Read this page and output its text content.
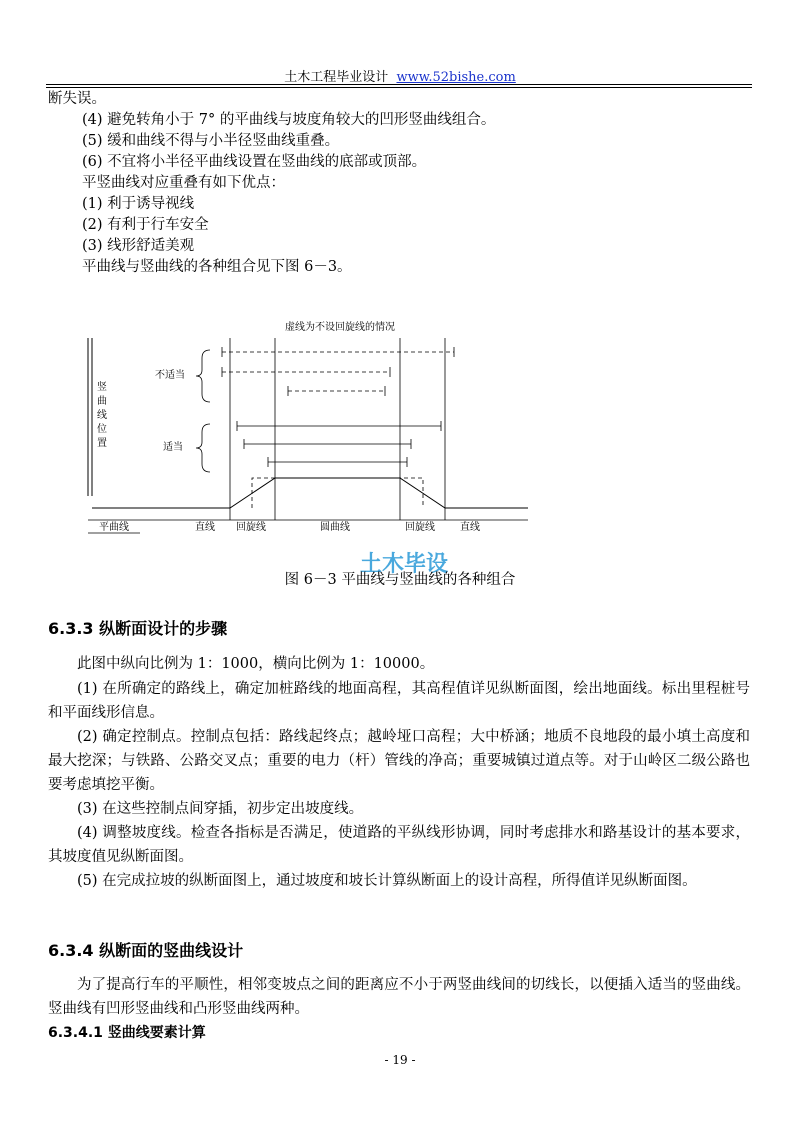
土木工程毕业设计 www.52bishe.com
断失误。
(4) 避免转角小于 7° 的平曲线与坡度角较大的凹形竖曲线组合。
(5) 缓和曲线不得与小半径竖曲线重叠。
(6) 不宜将小半径平曲线设置在竖曲线的底部或顶部。
平竖曲线对应重叠有如下优点：
(1) 利于诱导视线
(2) 有利于行车安全
(3) 线形舒适美观
平曲线与竖曲线的各种组合见下图 6－3。
虚线为不设回旋线的情况
竖
曲
线
位
置
不适当
适当
平曲线	直线 回旋线	圆曲线	回旋线	直线
土木毕设
图 6－3 平曲线与竖曲线的各种组合
6.3.3 纵断面设计的步骤
此图中纵向比例为 1：1000，横向比例为 1：10000。
(1) 在所确定的路线上，确定加桩路线的地面高程，其高程值详见纵断面图，绘出地面线。标出里程桩号和平面线形信息。
(2) 确定控制点。控制点包括：路线起终点；越岭垭口高程；大中桥涵；地质不良地段的最小填土高度和最大挖深；与铁路、公路交叉点；重要的电力（杆）管线的净高；重要城镇过道点等。对于山岭区二级公路也要考虑填挖平衡。
(3) 在这些控制点间穿插，初步定出坡度线。
(4) 调整坡度线。检查各指标是否满足，使道路的平纵线形协调，同时考虑排水和路基设计的基本要求，其坡度值见纵断面图。
(5) 在完成拉坡的纵断面图上，通过坡度和坡长计算纵断面上的设计高程，所得值详见纵断面图。
6.3.4 纵断面的竖曲线设计
为了提高行车的平顺性，相邻变坡点之间的距离应不小于两竖曲线间的切线长，以便插入适当的竖曲线。竖曲线有凹形竖曲线和凸形竖曲线两种。
6.3.4.1 竖曲线要素计算
- 19 -
